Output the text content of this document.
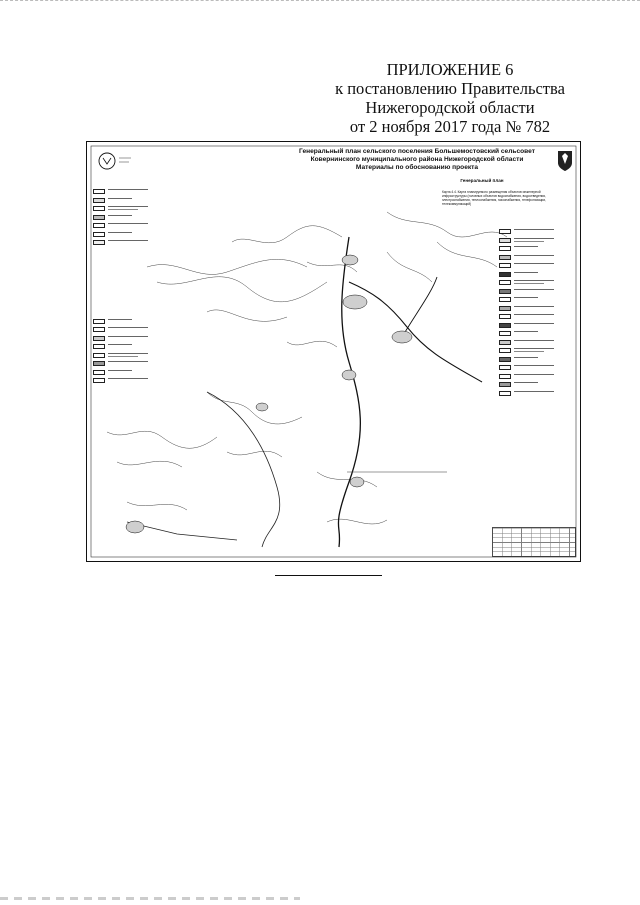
ПРИЛОЖЕНИЕ 6
к постановлению Правительства
Нижегородской области
от 2 ноября 2017 года № 782
Генеральный план сельского поселения Большемостовский сельсовет
Ковернинского муниципального района Нижегородской области
Материалы по обоснованию проекта
Генеральный план
Карта 4.4. Карта планируемого размещения объектов инженерной инфраструктуры (головных объектов водоснабжения, водоотведения, электроснабжения, теплоснабжения, газоснабжения, телефонизации, телекоммуникаций)
